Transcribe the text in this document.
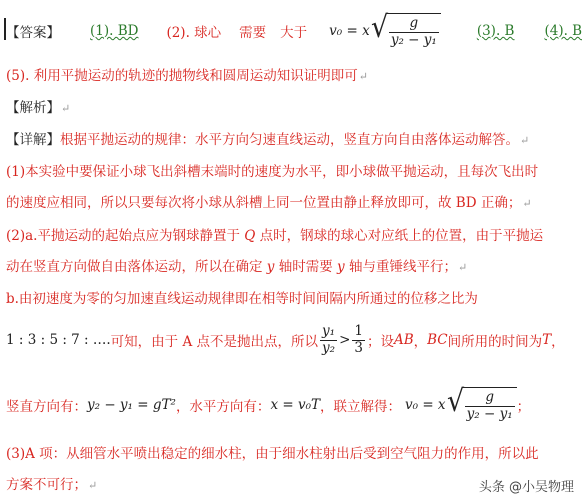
【答案】 (1). BD (2). 球心 需要 大于 v₀ = x √ $\frac{g}{\text{y₂ − y₁}}$	(3). B (4). B
(5). 利用平抛运动的轨迹的抛物线和圆周运动知识证明即可↵
【解析】↵
【详解】根据平抛运动的规律：水平方向匀速直线运动，竖直方向自由落体运动解答。↵
(1)本实验中要保证小球飞出斜槽末端时的速度为水平，即小球做平抛运动，且每次飞出时
的速度应相同，所以只要每次将小球从斜槽上同一位置由静止释放即可，故 BD 正确；↵
(2)a.平抛运动的起始点应为钢球静置于 Q 点时，钢球的球心对应纸上的位置，由于平抛运
动在竖直方向做自由落体运动，所以在确定 y 轴时需要 y 轴与重锤线平行；↵
b.由初速度为零的匀加速直线运动规律即在相等时间间隔内所通过的位移之比为
1 : 3 : 5 : 7 : …. 可知，由于 A 点不是抛出点，所以 $\frac{\text{y₁}}{\text{y₂}} > \frac{1}{3}$ ；设 AB ， BC 间所用的时间为 T ，
竖直方向有： y₂ − y₁ = gT² ，水平方向有： x = v₀T ，联立解得： v₀ = x √ $\frac{g}{\text{y₂ − y₁}}$ ；
(3)A 项：从细管水平喷出稳定的细水柱，由于细水柱射出后受到空气阻力的作用，所以此
方案不可行；↵	头条 @小吴物理
